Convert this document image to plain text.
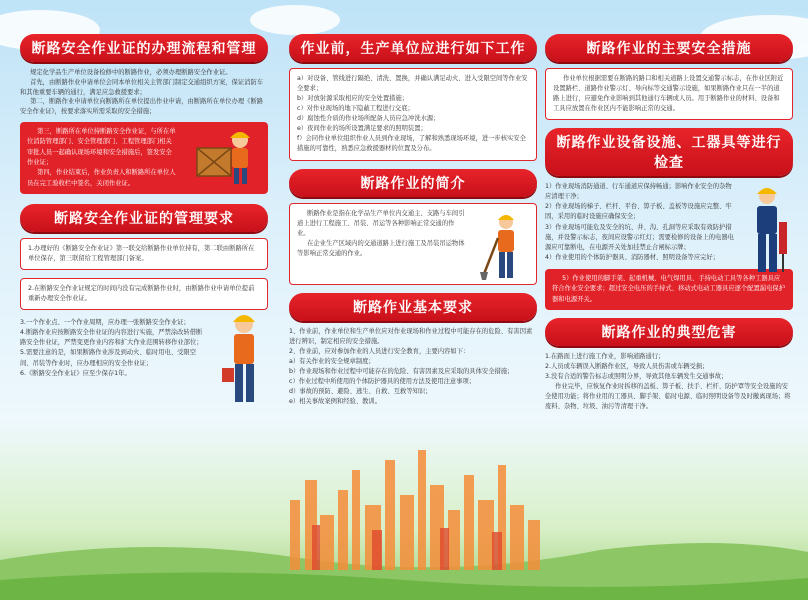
断路安全作业证的办理流程和管理

规定化学品生产单位设备检修中的断路作业，必须办理断路安全作业证。

首先，由断路作业申请单位会同本单位相关主管部门制定交通组织方案，保证消防车和其他重要车辆的通行，满足应急救援要求；

第二，断路作业申请单位向断路所在单位提出作业申请，由断路所在单位办理《断路安全作业证》，按要求落实所需采取的安全措施；

第三，断路所在单位持断路安全作业证，与所在单位消防管理部门、安全管理部门、工程管理部门相关审批人员一起确认现场环境和安全措施后，签发安全作业证；

第四，作业结束后，作业负责人和断路所在单位人员在完工验收栏中签名，关闭作业证。

断路安全作业证的管理要求
1.办理好的《断路安全作业证》第一联交给断路作业单位持有，第二联由断路所在单位保存，第三联留给工程管理部门备案。
2.在断路安全作业证规定的时间内没有完成断路作业时，由断路作业申请单位提前重新办理安全作业证。

3.一个作业点、一个作业周期，应办理一张断路安全作业证；

4.断路作业应按断路安全作业证的内容进行实施，严禁涂改转借断路安全作业证，严禁变更作业内容和扩大作业范围转移作业部位；

5.需要注意的是，如果断路作业涉及到动火、临时用电、受限空间、吊装等作业时，应办理相应的安全作业证；

6.《断路安全作业证》应至少保存1年。

作业前，生产单位应进行如下工作

a）对设备、管线进行隔绝、清洗、置换，并确认满足动火、进入受限空间等作业安全要求；

b）对放射源采取相应的安全处置措施；

c）对作业现场的地下隐蔽工程进行交底；

d）腐蚀性介质的作业场所配备人员应急冲洗水源；

e）夜间作业的场所设置满足要求的照明装置；

f）会同作业单位组织作业人员到作业现场，了解和熟悉现场环境，进一步核实安全措施的可靠性，熟悉应急救援器材的位置及分布。

断路作业的简介

断路作业是指在化学品生产单位内交通主、支路与车间引道上进行工程施工、吊装、吊运等各种影响正常交通的作业。

在企业生产区域内的交通道路上进行施工及吊装吊运物体等影响正常交通的作业。

断路作业基本要求

1、作业前，作业单位和生产单位应对作业现场和作业过程中可能存在的危险、有害因素进行辨识，制定相应的安全措施。

2、作业前，应对参加作业的人员进行安全教育，主要内容如下：

a）有关作业的安全规章制度；

b）作业现场和作业过程中可能存在的危险、有害因素及应采取的具体安全措施；

c）作业过程中所使用的个体防护器具的使用方法及使用注意事项；

d）事故的预防、避险、逃生、自救、互救等知识；

e）相关事故案例和经验、教训。

断路作业的主要安全措施
作业单位根据需要在断路的路口和相关道路上设置交通警示标志，在作业区附近设置路栏、道路作业警示灯、导向标等交通警示设施，如果断路作业只在一半的道路上进行，应避免作业影响到其他通行车辆或人员。用于断路作业的材料、设备和工具应放置在作业区内不能影响正常的交通。
断路作业设备设施、工器具等进行检查

1）作业现场消防通道、行车通道应保持畅通；影响作业安全的杂物应清理干净；

2）作业现场的梯子、栏杆、平台、箅子板、盖板等设施应完整、牢固，采用的临时设施应确保安全；

3）作业现场可能危及安全的坑、井、沟、孔洞等应采取有效防护措施，并设警示标志，夜间应设警示红灯；需要检修的设备上的电器电源应可靠断电，在电源开关处加挂禁止合闸标示牌；

4）作业使用的个体防护器具、消防器材、照明设备等应完好；

5）作业使用的脚手架、起重机械、电气焊用具、手持电动工具等各种工器具应符合作业安全要求；超过安全电压的手持式、移动式电动工器具应逐个配置漏电保护器和电源开关。
断路作业的典型危害

1.在路面上进行施工作业，影响道路通行；

2.人员或车辆误入断路作业区，导致人员伤害或车辆受损；

3.没有合适的警告标志或照明分界，导致其他车辆发生交通事故；

作业完毕，应恢复作业时拆移的盖板、箅子板、扶手、栏杆、防护罩等安全设施的安全使用功能；将作业用的工器具、脚手架、临时电源、临时照明设备等及时撤离现场；将废料、杂物、垃圾、油污等清理干净。
